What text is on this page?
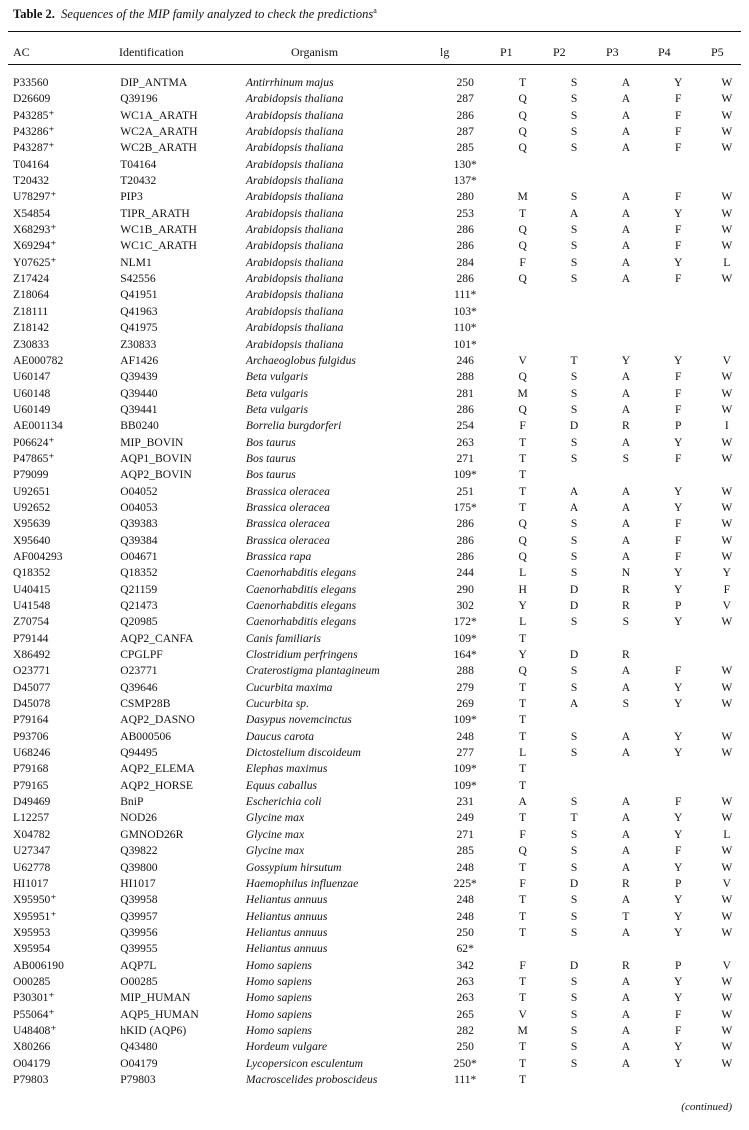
Table 2. Sequences of the MIP family analyzed to check the predictions$^a$
AC	Identification	Organism	lg	P1	P2	P3	P4	P5
P33560	DIP_ANTMA	Antirrhinum majus	250	T	S	A	Y	W
D26609	Q39196	Arabidopsis thaliana	287	Q	S	A	F	W
P43285⁺	WC1A_ARATH	Arabidopsis thaliana	286	Q	S	A	F	W
P43286⁺	WC2A_ARATH	Arabidopsis thaliana	287	Q	S	A	F	W
P43287⁺	WC2B_ARATH	Arabidopsis thaliana	285	Q	S	A	F	W
T04164	T04164	Arabidopsis thaliana	130*					
T20432	T20432	Arabidopsis thaliana	137*					
U78297⁺	PIP3	Arabidopsis thaliana	280	M	S	A	F	W
X54854	TIPR_ARATH	Arabidopsis thaliana	253	T	A	A	Y	W
X68293⁺	WC1B_ARATH	Arabidopsis thaliana	286	Q	S	A	F	W
X69294⁺	WC1C_ARATH	Arabidopsis thaliana	286	Q	S	A	F	W
Y07625⁺	NLM1	Arabidopsis thaliana	284	F	S	A	Y	L
Z17424	S42556	Arabidopsis thaliana	286	Q	S	A	F	W
Z18064	Q41951	Arabidopsis thaliana	111*					
Z18111	Q41963	Arabidopsis thaliana	103*					
Z18142	Q41975	Arabidopsis thaliana	110*					
Z30833	Z30833	Arabidopsis thaliana	101*					
AE000782	AF1426	Archaeoglobus fulgidus	246	V	T	Y	Y	V
U60147	Q39439	Beta vulgaris	288	Q	S	A	F	W
U60148	Q39440	Beta vulgaris	281	M	S	A	F	W
U60149	Q39441	Beta vulgaris	286	Q	S	A	F	W
AE001134	BB0240	Borrelia burgdorferi	254	F	D	R	P	I
P06624⁺	MIP_BOVIN	Bos taurus	263	T	S	A	Y	W
P47865⁺	AQP1_BOVIN	Bos taurus	271	T	S	S	F	W
P79099	AQP2_BOVIN	Bos taurus	109*	T				
U92651	O04052	Brassica oleracea	251	T	A	A	Y	W
U92652	O04053	Brassica oleracea	175*	T	A	A	Y	W
X95639	Q39383	Brassica oleracea	286	Q	S	A	F	W
X95640	Q39384	Brassica oleracea	286	Q	S	A	F	W
AF004293	O04671	Brassica rapa	286	Q	S	A	F	W
Q18352	Q18352	Caenorhabditis elegans	244	L	S	N	Y	Y
U40415	Q21159	Caenorhabditis elegans	290	H	D	R	Y	F
U41548	Q21473	Caenorhabditis elegans	302	Y	D	R	P	V
Z70754	Q20985	Caenorhabditis elegans	172*	L	S	S	Y	W
P79144	AQP2_CANFA	Canis familiaris	109*	T				
X86492	CPGLPF	Clostridium perfringens	164*	Y	D	R		
O23771	O23771	Craterostigma plantagineum	288	Q	S	A	F	W
D45077	Q39646	Cucurbita maxima	279	T	S	A	Y	W
D45078	CSMP28B	Cucurbita sp.	269	T	A	S	Y	W
P79164	AQP2_DASNO	Dasypus novemcinctus	109*	T				
P93706	AB000506	Daucus carota	248	T	S	A	Y	W
U68246	Q94495	Dictostelium discoideum	277	L	S	A	Y	W
P79168	AQP2_ELEMA	Elephas maximus	109*	T				
P79165	AQP2_HORSE	Equus caballus	109*	T				
D49469	BniP	Escherichia coli	231	A	S	A	F	W
L12257	NOD26	Glycine max	249	T	T	A	Y	W
X04782	GMNOD26R	Glycine max	271	F	S	A	Y	L
U27347	Q39822	Glycine max	285	Q	S	A	F	W
U62778	Q39800	Gossypium hirsutum	248	T	S	A	Y	W
HI1017	HI1017	Haemophilus influenzae	225*	F	D	R	P	V
X95950⁺	Q39958	Heliantus annuus	248	T	S	A	Y	W
X95951⁺	Q39957	Heliantus annuus	248	T	S	T	Y	W
X95953	Q39956	Heliantus annuus	250	T	S	A	Y	W
X95954	Q39955	Heliantus annuus	62*					
AB006190	AQP7L	Homo sapiens	342	F	D	R	P	V
O00285	O00285	Homo sapiens	263	T	S	A	Y	W
P30301⁺	MIP_HUMAN	Homo sapiens	263	T	S	A	Y	W
P55064⁺	AQP5_HUMAN	Homo sapiens	265	V	S	A	F	W
U48408⁺	hKID (AQP6)	Homo sapiens	282	M	S	A	F	W
X80266	Q43480	Hordeum vulgare	250	T	S	A	Y	W
O04179	O04179	Lycopersicon esculentum	250*	T	S	A	Y	W
P79803	P79803	Macroscelides proboscideus	111*	T				
(continued)
